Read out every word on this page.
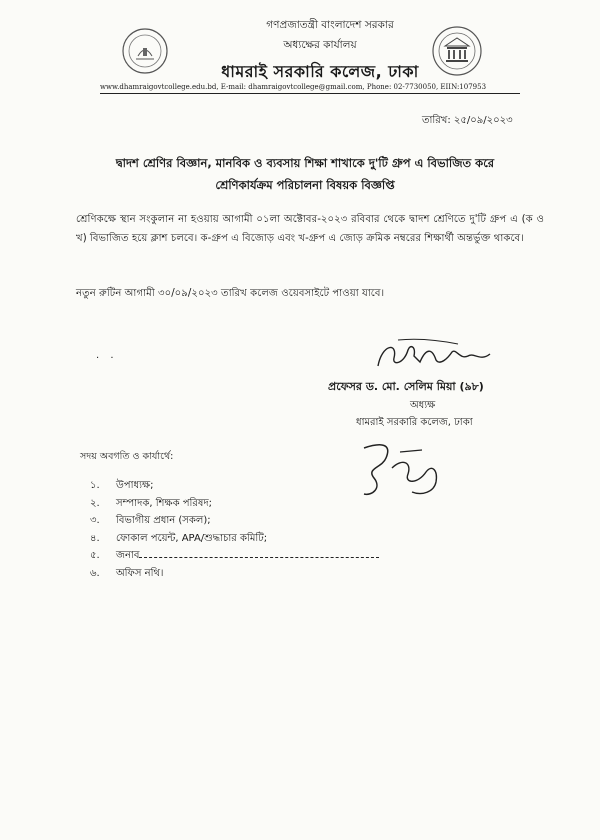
গণপ্রজাতন্ত্রী বাংলাদেশ সরকার
অধ্যক্ষের কার্যালয়
ধামরাই সরকারি কলেজ, ঢাকা
www.dhamraigovtcollege.edu.bd, E-mail: dhamraigovtcollege@gmail.com, Phone: 02-7730050, EIIN:107953
তারিখ: ২৫/০৯/২০২৩
দ্বাদশ শ্রেণির বিজ্ঞান, মানবিক ও ব্যবসায় শিক্ষা শাখাকে দু'টি গ্রুপ এ বিভাজিত করে
শ্রেণিকার্যক্রম পরিচালনা বিষয়ক বিজ্ঞপ্তি
শ্রেণিকক্ষে স্থান সংকুলান না হওয়ায় আগামী ০১লা অক্টোবর-২০২৩ রবিবার থেকে দ্বাদশ শ্রেণিতে দু'টি গ্রুপ এ (ক ও খ) বিভাজিত হয়ে ক্লাশ চলবে। ক-গ্রুপ এ বিজোড় এবং খ-গ্রুপ এ জোড় ক্রমিক নম্বরের শিক্ষার্থী অন্তর্ভুক্ত থাকবে।
নতুন রুটিন আগামী ৩০/০৯/২০২৩ তারিখ কলেজ ওয়েবসাইটে পাওয়া যাবে।
. .
প্রফেসর ড. মো. সেলিম মিয়া (৯৮)
অধ্যক্ষ
ধামরাই সরকারি কলেজ, ঢাকা
সদয় অবগতি ও কার্যার্থে:
১. উপাধ্যক্ষ;
২. সম্পাদক, শিক্ষক পরিষদ;
৩. বিভাগীয় প্রধান (সকল);
৪. ফোকাল পয়েন্ট, APA/শুদ্ধাচার কমিটি;
৫. জনাব
৬. অফিস নথি।
